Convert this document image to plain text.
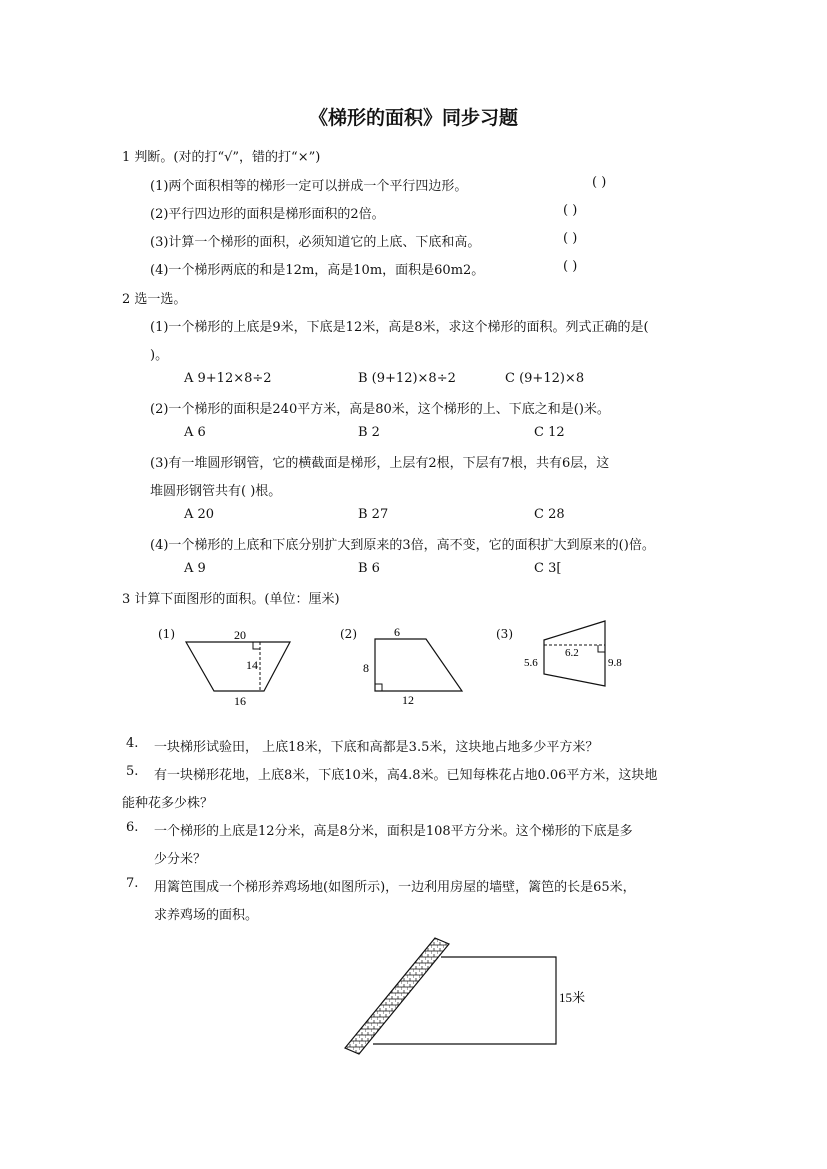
《梯形的面积》同步习题
1 判断。(对的打“√”，错的打“×”)
(1)两个面积相等的梯形一定可以拼成一个平行四边形。	( )
(2)平行四边形的面积是梯形面积的2倍。	( )
(3)计算一个梯形的面积，必须知道它的上底、下底和高。	( )
(4)一个梯形两底的和是12m，高是10m，面积是60m2。	( )
2 选一选。
(1)一个梯形的上底是9米，下底是12米，高是8米，求这个梯形的面积。列式正确的是(
)。
A 9+12×8÷2	B (9+12)×8÷2	C (9+12)×8
(2)一个梯形的面积是240平方米，高是80米，这个梯形的上、下底之和是()米。
A 6	B 2	C 12
(3)有一堆圆形钢管，它的横截面是梯形，上层有2根，下层有7根，共有6层，这
堆圆形钢管共有( )根。
A 20	B 27	C 28
(4)一个梯形的上底和下底分别扩大到原来的3倍，高不变，它的面积扩大到原来的()倍。
A 9	B 6	C 3[
3 计算下面图形的面积。(单位：厘米)
(1)	20
14
16
(2)	6
8
12
(3)
5.6
6.2
9.8
4. 一块梯形试验田， 上底18米，下底和高都是3.5米，这块地占地多少平方米？
5. 有一块梯形花地，上底8米，下底10米，高4.8米。已知每株花占地0.06平方米，这块地
能种花多少株？
6. 一个梯形的上底是12分米，高是8分米，面积是108平方分米。这个梯形的下底是多
少分米？
7. 用篱笆围成一个梯形养鸡场地(如图所示)，一边利用房屋的墙壁，篱笆的长是65米，
求养鸡场的面积。
15米
